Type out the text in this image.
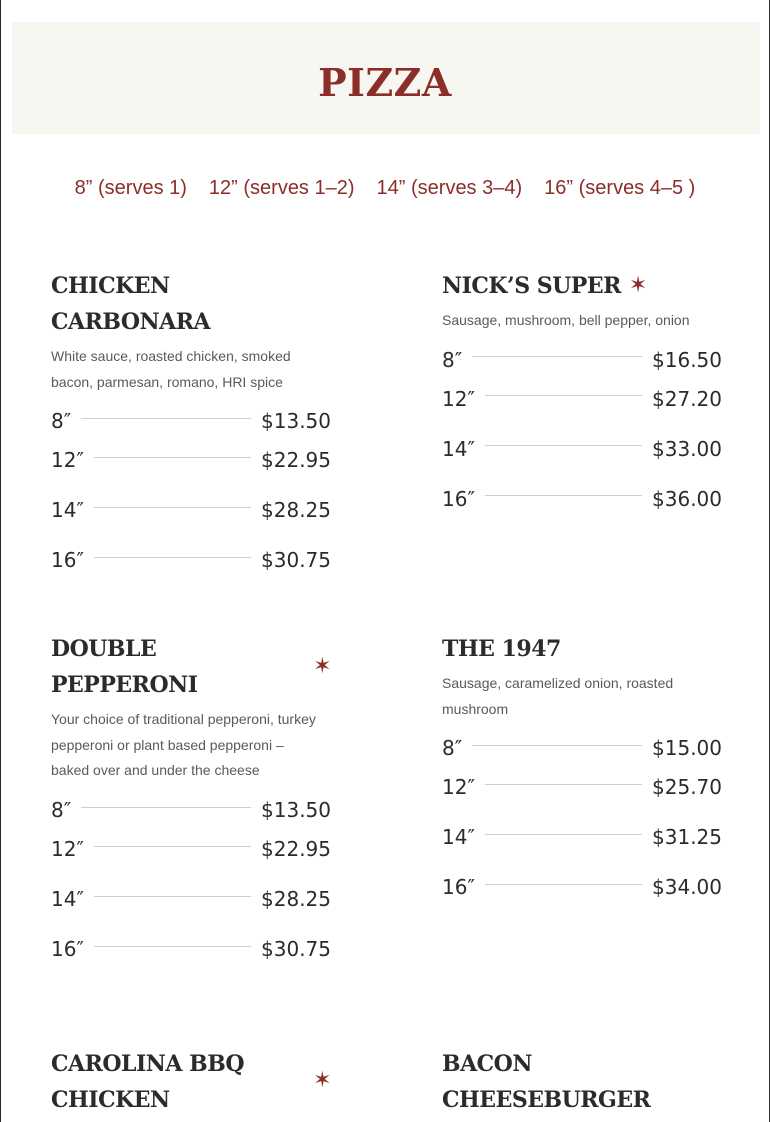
PIZZA
8” (serves 1) 12” (serves 1–2) 14” (serves 3–4) 16” (serves 4–5 )
CHICKEN CARBONARA

White sauce, roasted chicken, smoked bacon, parmesan, romano, HRI spice

8″	$13.50
12″	$22.95
14″	$28.25
16″	$30.75
NICK’S SUPER ✶

Sausage, mushroom, bell pepper, onion

8″	$16.50
12″	$27.20
14″	$33.00
16″	$36.00
DOUBLE PEPPERONI
✶

Your choice of traditional pepperoni, turkey pepperoni or plant based pepperoni – baked over and under the cheese

8″	$13.50
12″	$22.95
14″	$28.25
16″	$30.75
THE 1947

Sausage, caramelized onion, roasted mushroom

8″	$15.00
12″	$25.70
14″	$31.25
16″	$34.00
CAROLINA BBQ CHICKEN
✶
BACON CHEESEBURGER
